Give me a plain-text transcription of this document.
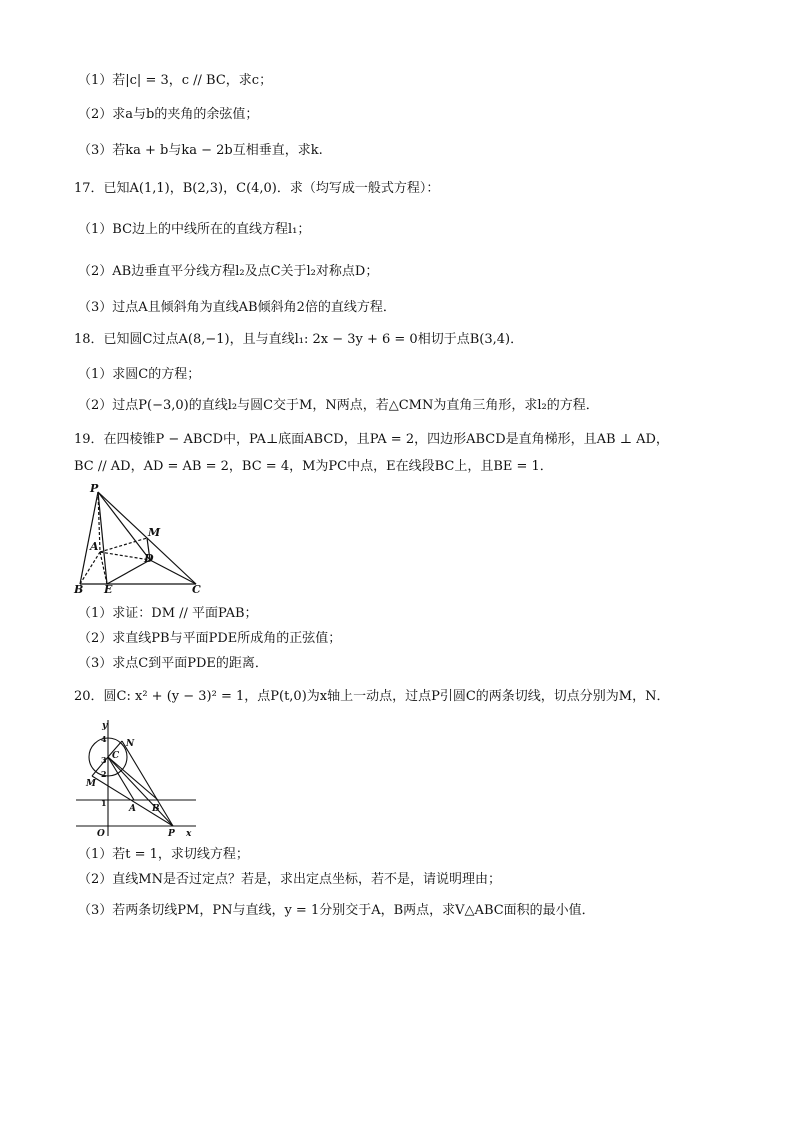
（1）若|c| = 3，c // BC，求c；
（2）求a与b的夹角的余弦值；
（3）若ka + b与ka − 2b互相垂直，求k.
17．已知A(1,1)，B(2,3)，C(4,0)．求（均写成一般式方程）：
（1）BC边上的中线所在的直线方程l₁；
（2）AB边垂直平分线方程l₂及点C关于l₂对称点D；
（3）过点A且倾斜角为直线AB倾斜角2倍的直线方程．
18．已知圆C过点A(8,−1)，且与直线l₁: 2x − 3y + 6 = 0相切于点B(3,4)．
（1）求圆C的方程；
（2）过点P(−3,0)的直线l₂与圆C交于M，N两点，若△CMN为直角三角形，求l₂的方程．
19．在四棱锥P − ABCD中，PA⊥底面ABCD，且PA = 2，四边形ABCD是直角梯形，且AB ⊥ AD，
BC // AD，AD = AB = 2，BC = 4，M为PC中点，E在线段BC上，且BE = 1．
P
M
A
D
B E	C
（1）求证：DM // 平面PAB；
（2）求直线PB与平面PDE所成角的正弦值；
（3）求点C到平面PDE的距离．
20．圆C: x² + (y − 3)² = 1，点P(t,0)为x轴上一动点，过点P引圆C的两条切线，切点分别为M，N．
y
x
O
C
N
M
A B
P
4
3
2
1
（1）若t = 1，求切线方程；
（2）直线MN是否过定点？若是，求出定点坐标，若不是，请说明理由；
（3）若两条切线PM，PN与直线，y = 1分别交于A，B两点，求V△ABC面积的最小值．
